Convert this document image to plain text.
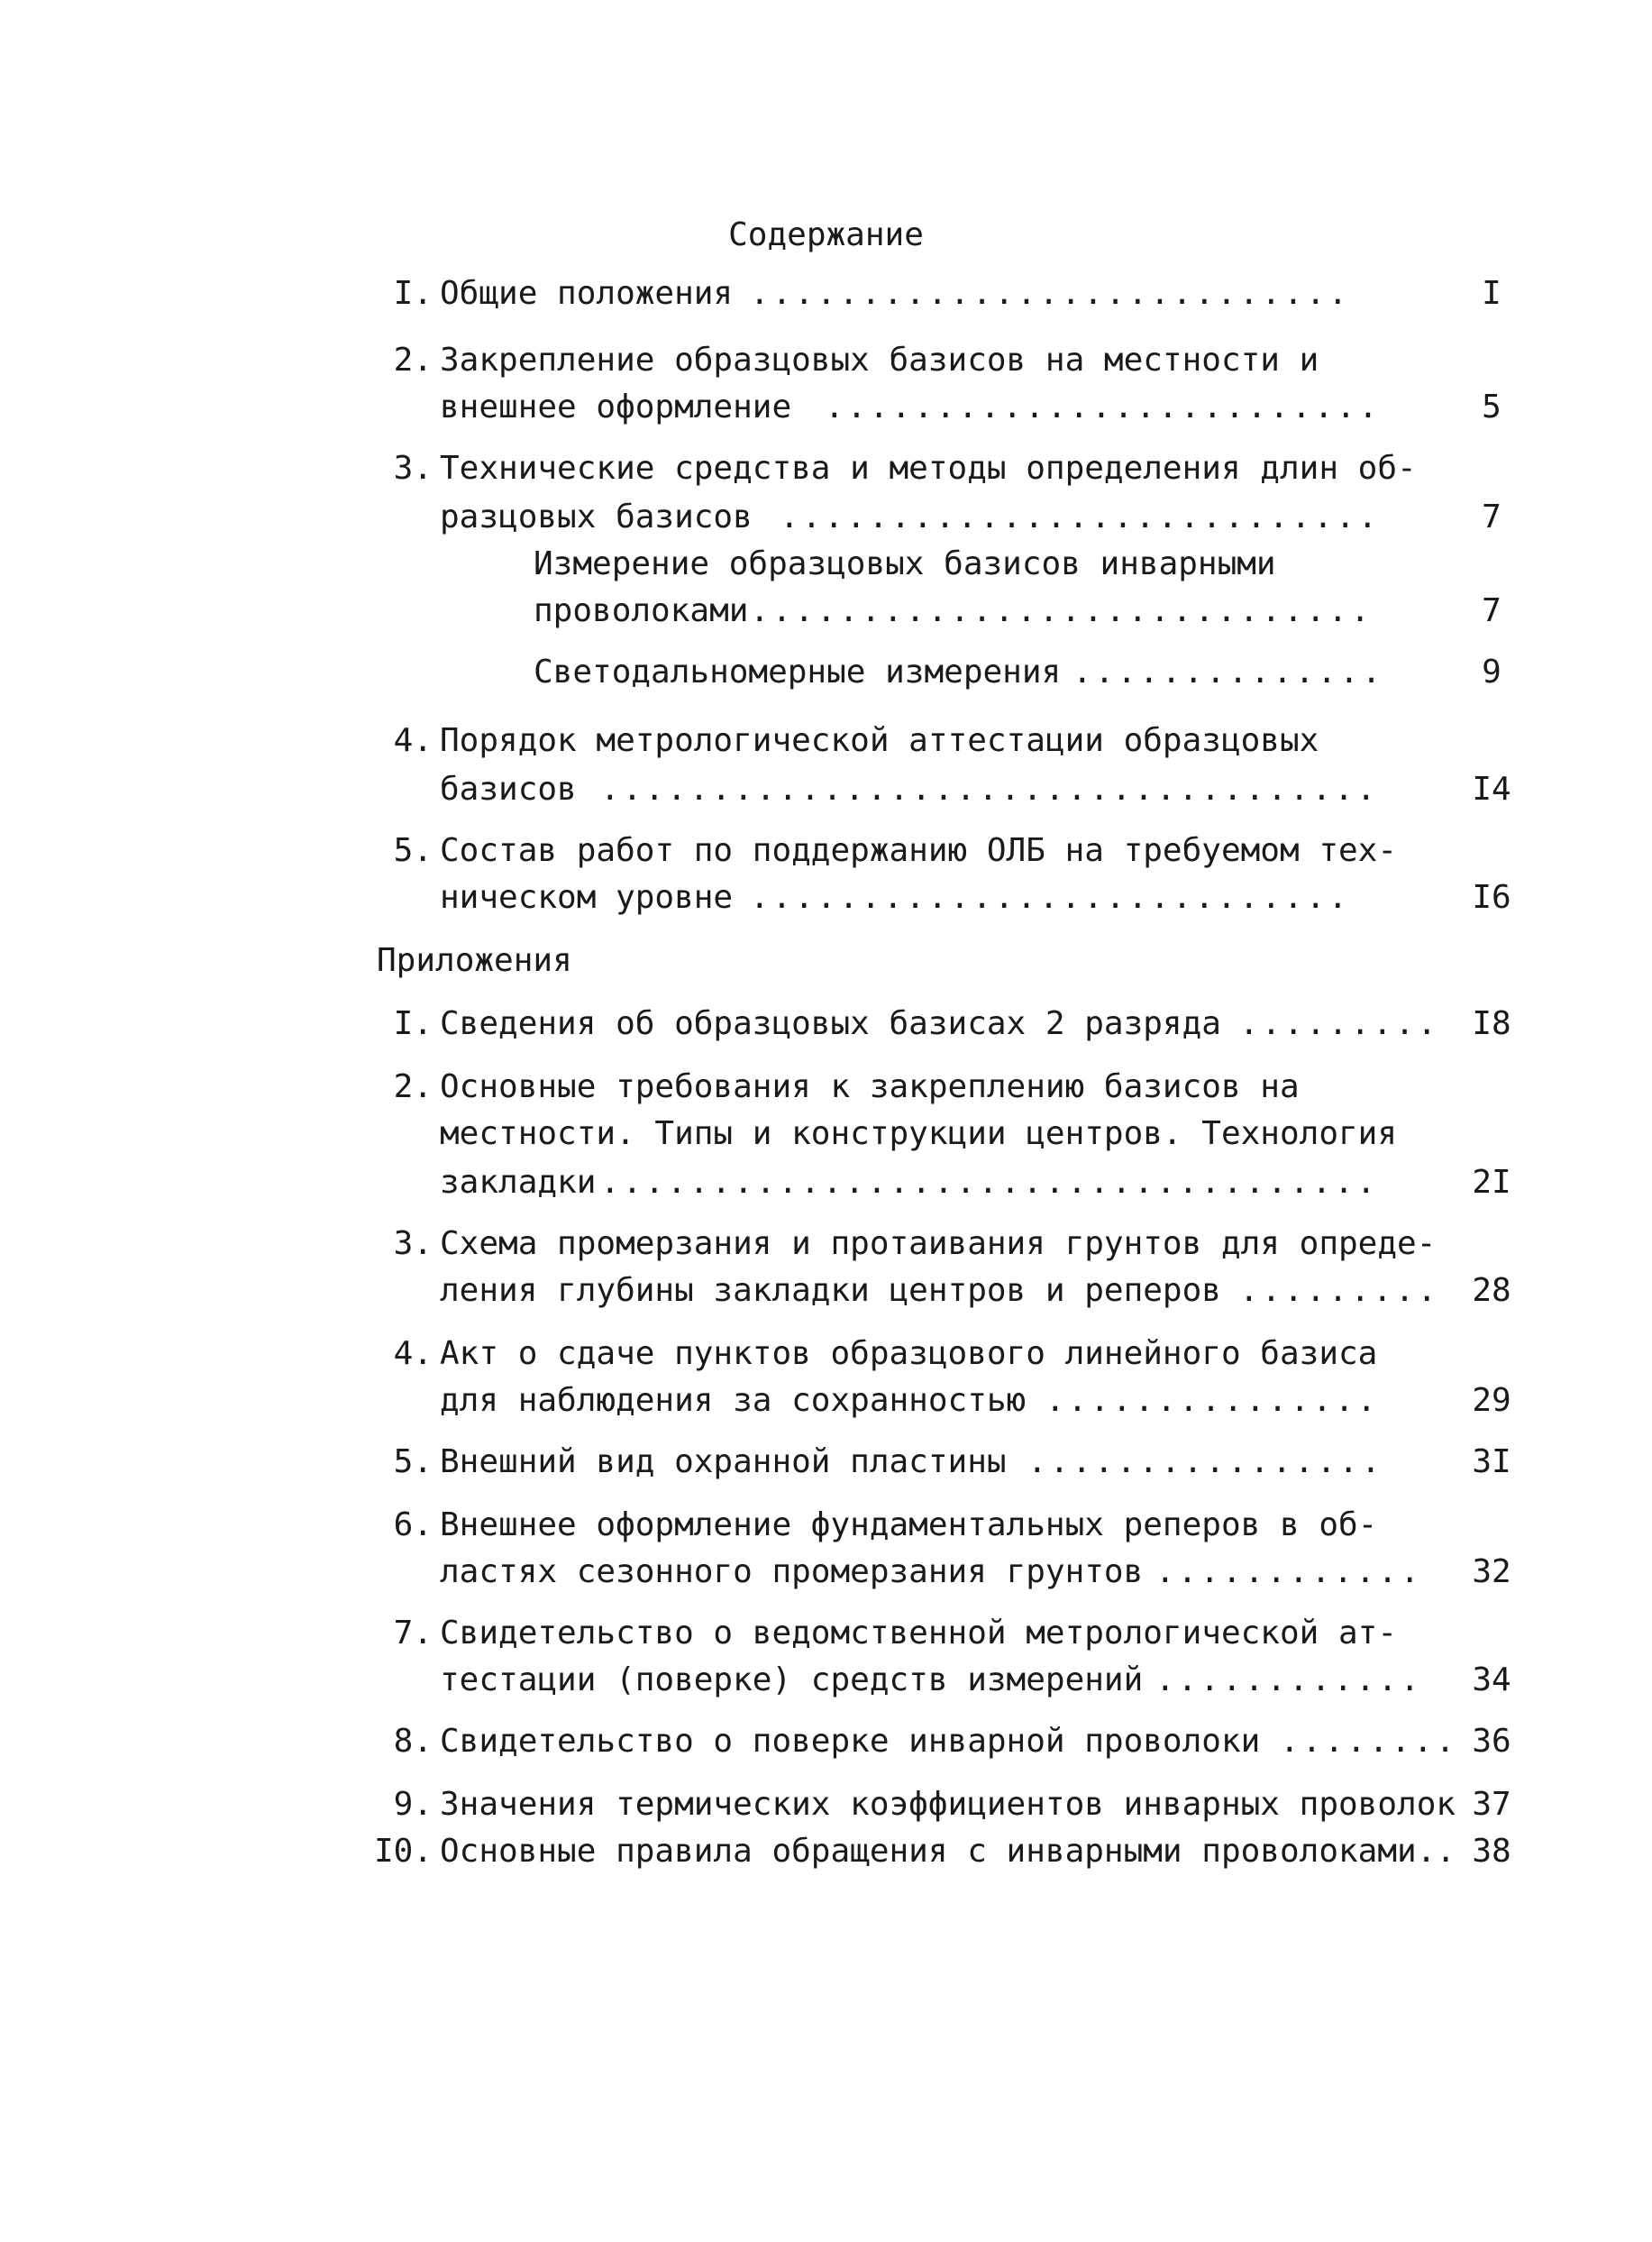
Содержание
I. Общие положения ...........................	I
2. Закрепление образцовых базисов на местности и
внешнее оформление .........................	5
3. Технические средства и методы определения длин об-
разцовых базисов ...........................	7
Измерение образцовых базисов инварными
проволоками ............................	7
Светодальномерные измерения ..............	9
4. Порядок метрологической аттестации образцовых
базисов ...................................	I4
5. Состав работ по поддержанию ОЛБ на требуемом тех-
ническом уровне ...........................	I6
Приложения
I. Сведения об образцовых базисах 2 разряда .........	I8
2. Основные требования к закреплению базисов на
местности. Типы и конструкции центров. Технология
закладки ...................................	2I
3. Схема промерзания и протаивания грунтов для опреде-
ления глубины закладки центров и реперов .........	28
4. Акт о сдаче пунктов образцового линейного базиса
для наблюдения за сохранностью ...............	29
5. Внешний вид охранной пластины ................	3I
6. Внешнее оформление фундаментальных реперов в об-
ластях сезонного промерзания грунтов ............	32
7. Свидетельство о ведомственной метрологической ат-
тестации (поверке) средств измерений ............	34
8. Свидетельство о поверке инварной проволоки ........ 36
9. Значения термических коэффициентов инварных проволок 37
I0. Основные правила обращения с инварными проволоками.. 38
